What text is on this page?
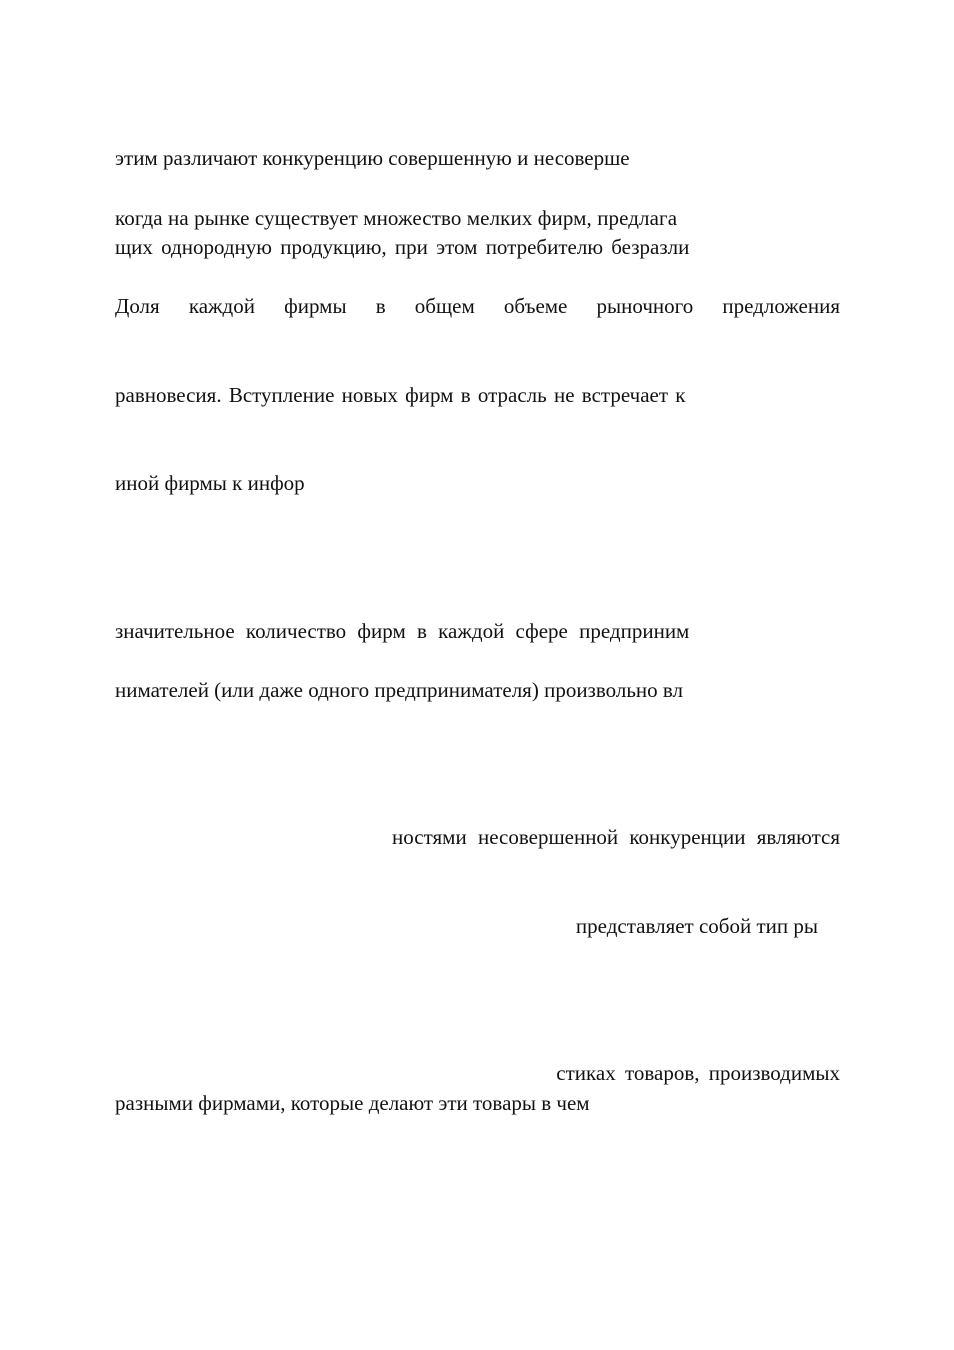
этим различают конкуренцию совершенную и несоверше
когда на рынке существует множество мелких фирм, предлага
щих однородную продукцию, при этом потребителю безразли
Доля каждой фирмы в общем объеме рыночного предложения
равновесия. Вступление новых фирм в отрасль не встречает к
иной фирмы к инфор
значительное количество фирм в каждой сфере предприним
нимателей (или даже одного предпринимателя) произвольно вл
ностями несовершенной конкуренции являются
представляет собой тип ры
стиках товаров, производимых
разными фирмами, которые делают эти товары в чем
